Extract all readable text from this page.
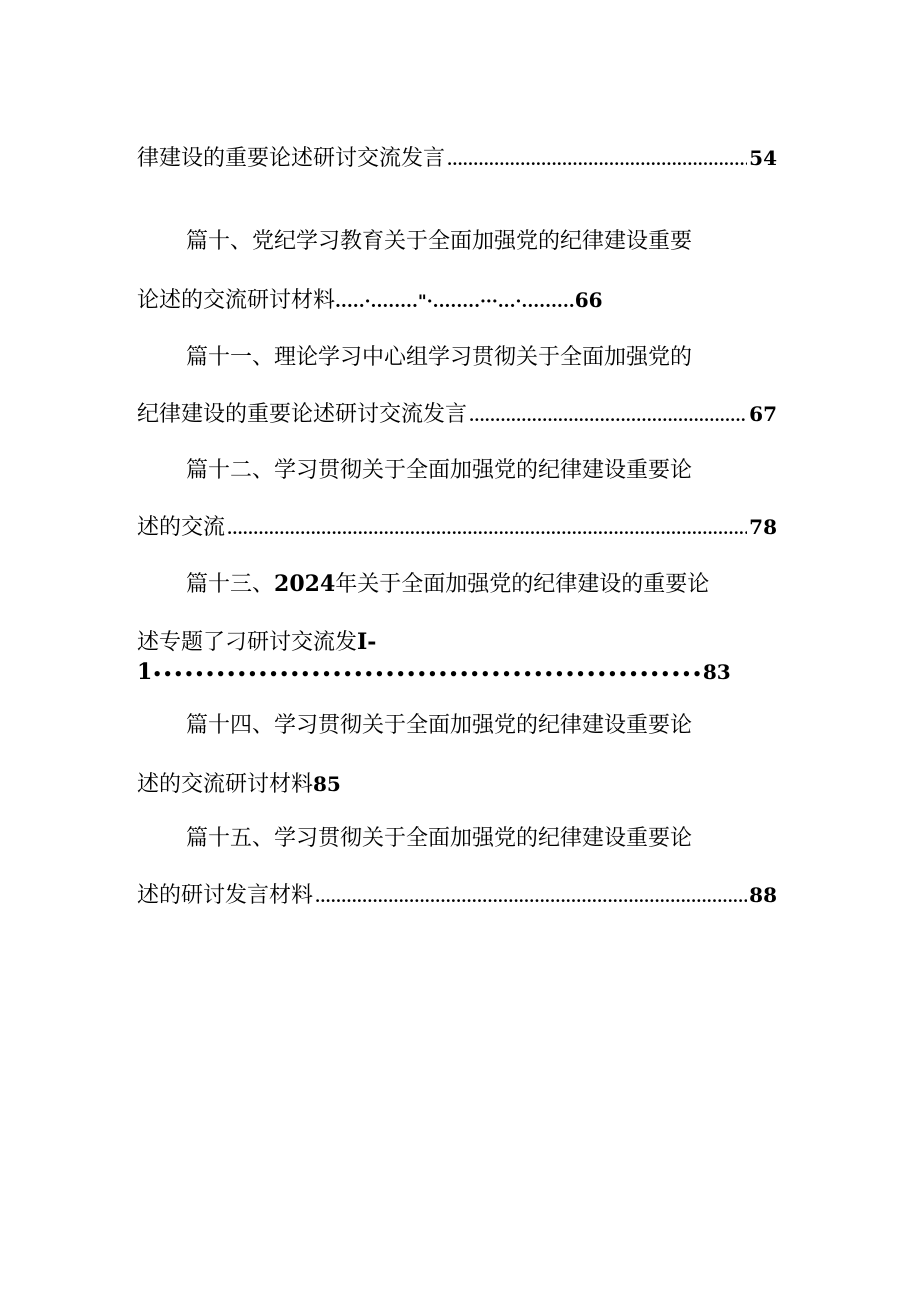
律建设的重要论述研讨交流发言 .....	54
篇十、党纪学习教育关于全面加强党的纪律建设重要
论述的交流研讨材料.....·........"·........···...·.........66
篇十一、理论学习中心组学习贯彻关于全面加强党的
纪律建设的重要论述研讨交流发言 .....	67
篇十二、学习贯彻关于全面加强党的纪律建设重要论
述的交流 .....	78
篇十三、2024年关于全面加强党的纪律建设的重要论
述专题了刁研讨交流发I-
1••••••••••••••••••••••••••••••••••••••••••••••••••••83
篇十四、学习贯彻关于全面加强党的纪律建设重要论
述的交流研讨材料85
篇十五、学习贯彻关于全面加强党的纪律建设重要论
述的研讨发言材料 .....	88
